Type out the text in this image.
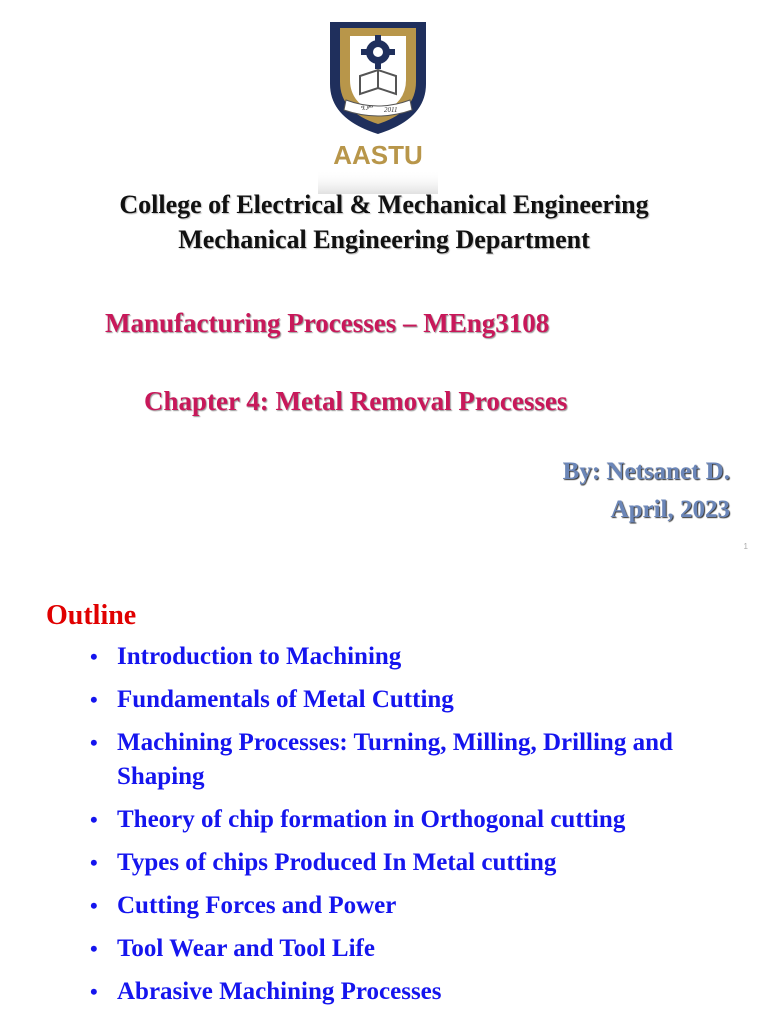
ዓ.ም 2011
AASTU
College of Electrical & Mechanical Engineering
Mechanical Engineering Department
Manufacturing Processes – MEng3108
Chapter 4: Metal Removal Processes
By: Netsanet D.
April, 2023
1
Outline
• Introduction to Machining
• Fundamentals of Metal Cutting
• Machining Processes: Turning, Milling, Drilling and Shaping
• Theory of chip formation in Orthogonal cutting
• Types of chips Produced In Metal cutting
• Cutting Forces and Power
• Tool Wear and Tool Life
• Abrasive Machining Processes
